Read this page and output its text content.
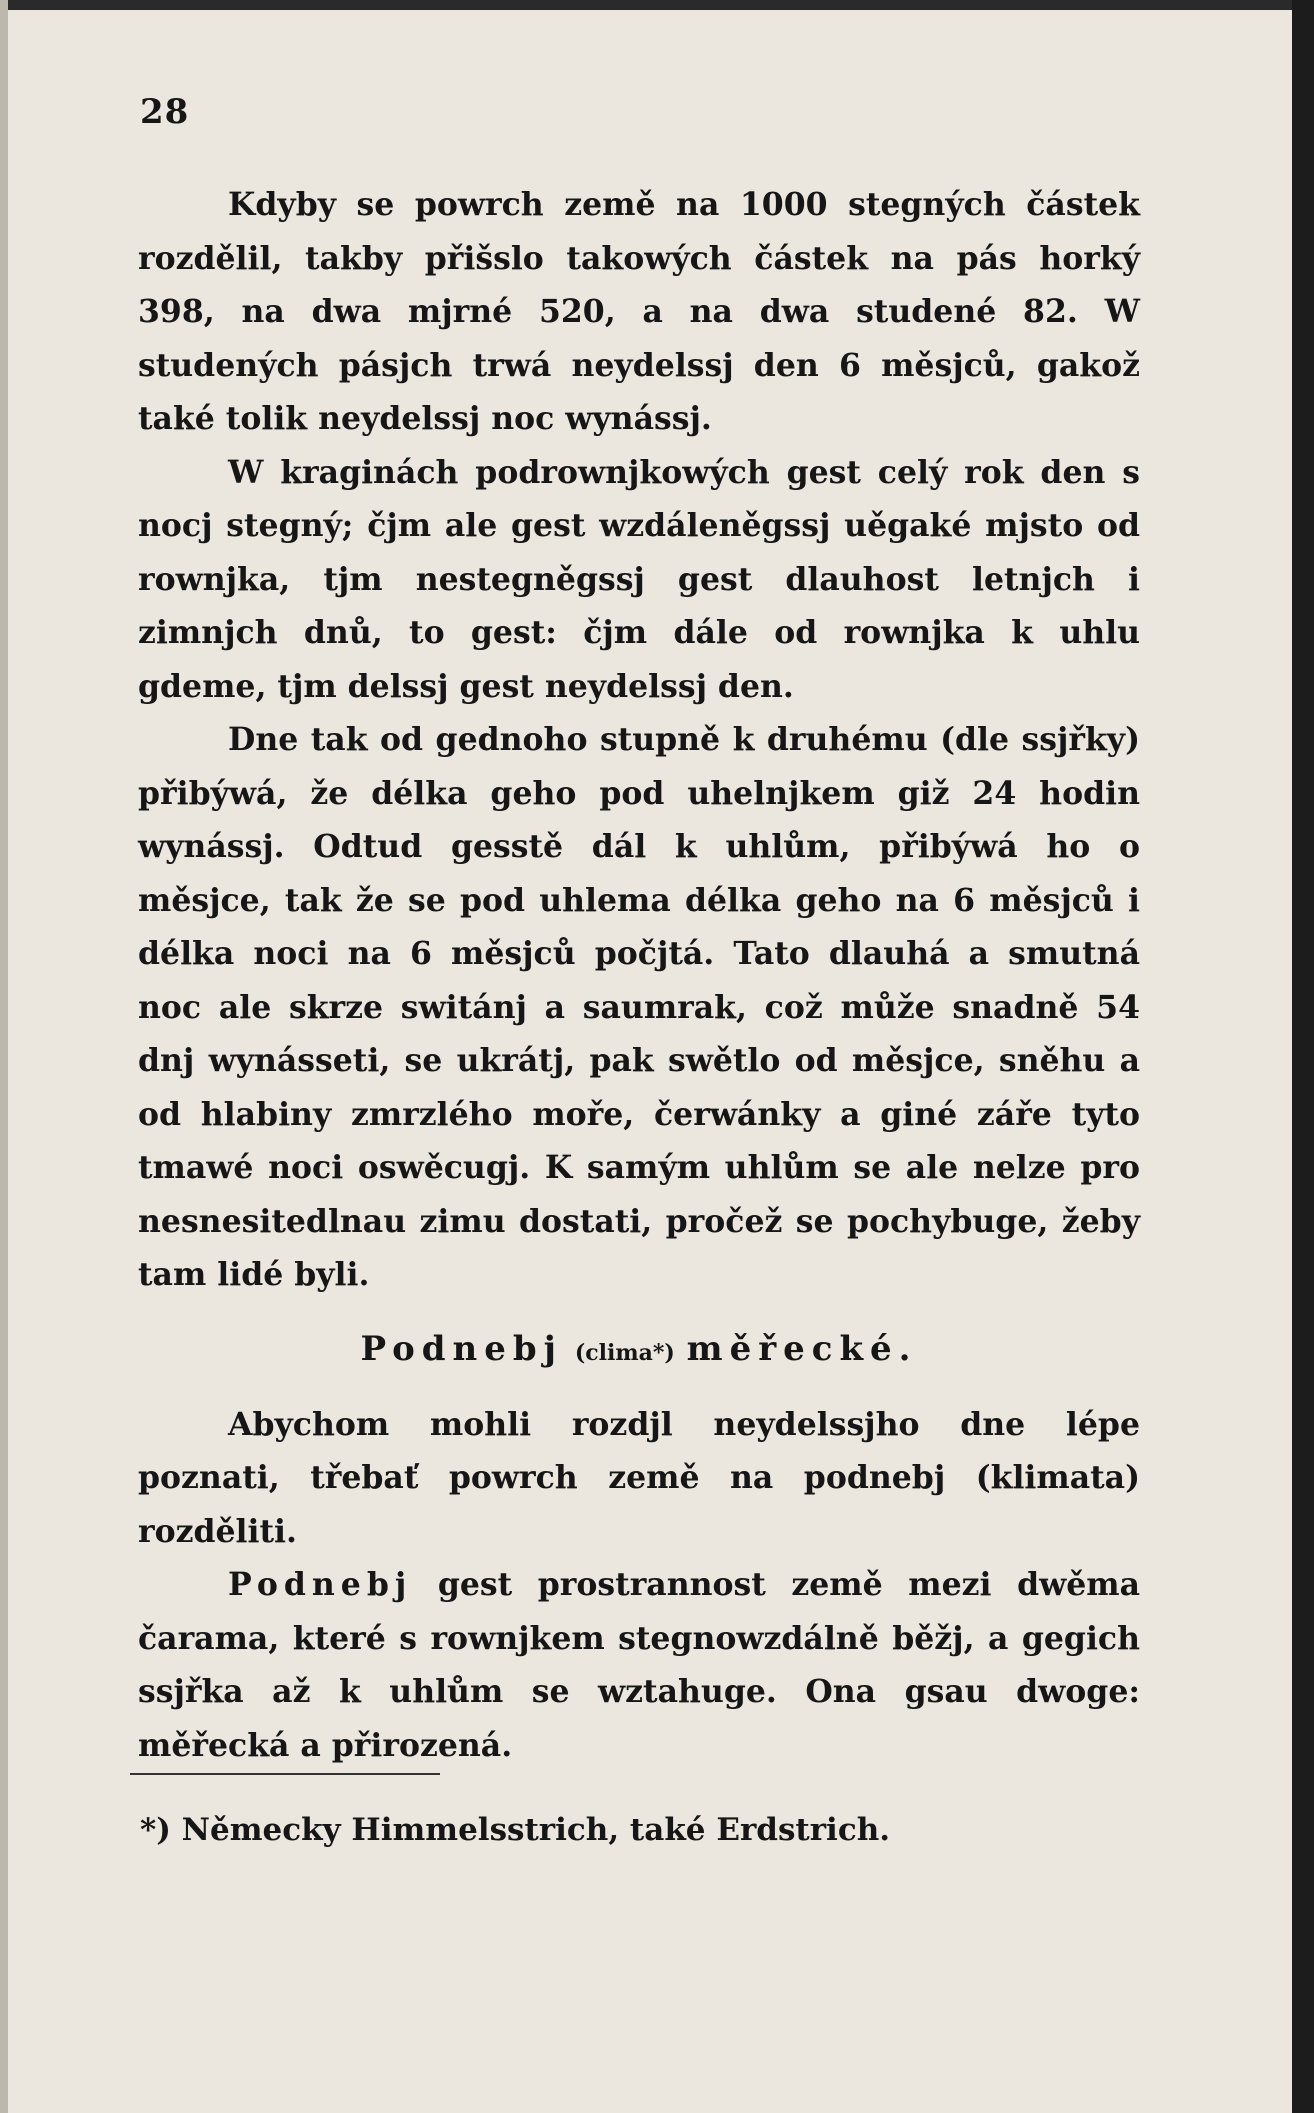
28

Kdyby se powrch země na 1000 stegných částek rozdělil, takby přišslo takowých částek na pás horký 398, na dwa mjrné 520, a na dwa studené 82. W studených pásjch trwá neydelssj den 6 měsjců, gakož také tolik neydelssj noc wynássj.

W kraginách podrownjkowých gest celý rok den s nocj stegný; čjm ale gest wzdáleněgssj uěgaké mjsto od rownjka, tjm nestegněgssj gest dlauhost letnjch i zimnjch dnů, to gest: čjm dále od rownjka k uhlu gdeme, tjm delssj gest neydelssj den.

Dne tak od gednoho stupně k druhému (dle ssjřky) přibýwá, že délka geho pod uhelnjkem giž 24 hodin wynássj. Odtud gesstě dál k uhlům, přibýwá ho o měsjce, tak že se pod uhlema délka geho na 6 měsjců i délka noci na 6 měsjců počjtá. Tato dlauhá a smutná noc ale skrze switánj a saumrak, což může snadně 54 dnj wynásseti, se ukrátj, pak swětlo od měsjce, sněhu a od hlabiny zmrzlého moře, čerwánky a giné záře tyto tmawé noci oswěcugj. K samým uhlům se ale nelze pro nesnesitedlnau zimu dostati, pročež se pochybuge, žeby tam lidé byli.

Podnebj (clima*) měřecké.

Abychom mohli rozdjl neydelssjho dne lépe poznati, třebať powrch země na podnebj (klimata) rozděliti.

Podnebj gest prostrannost země mezi dwěma čarama, které s rownjkem stegnowzdálně běžj, a gegich ssjřka až k uhlům se wztahuge. Ona gsau dwoge: měřecká a přirozená.

*) Německy Himmelsstrich, také Erdstrich.
